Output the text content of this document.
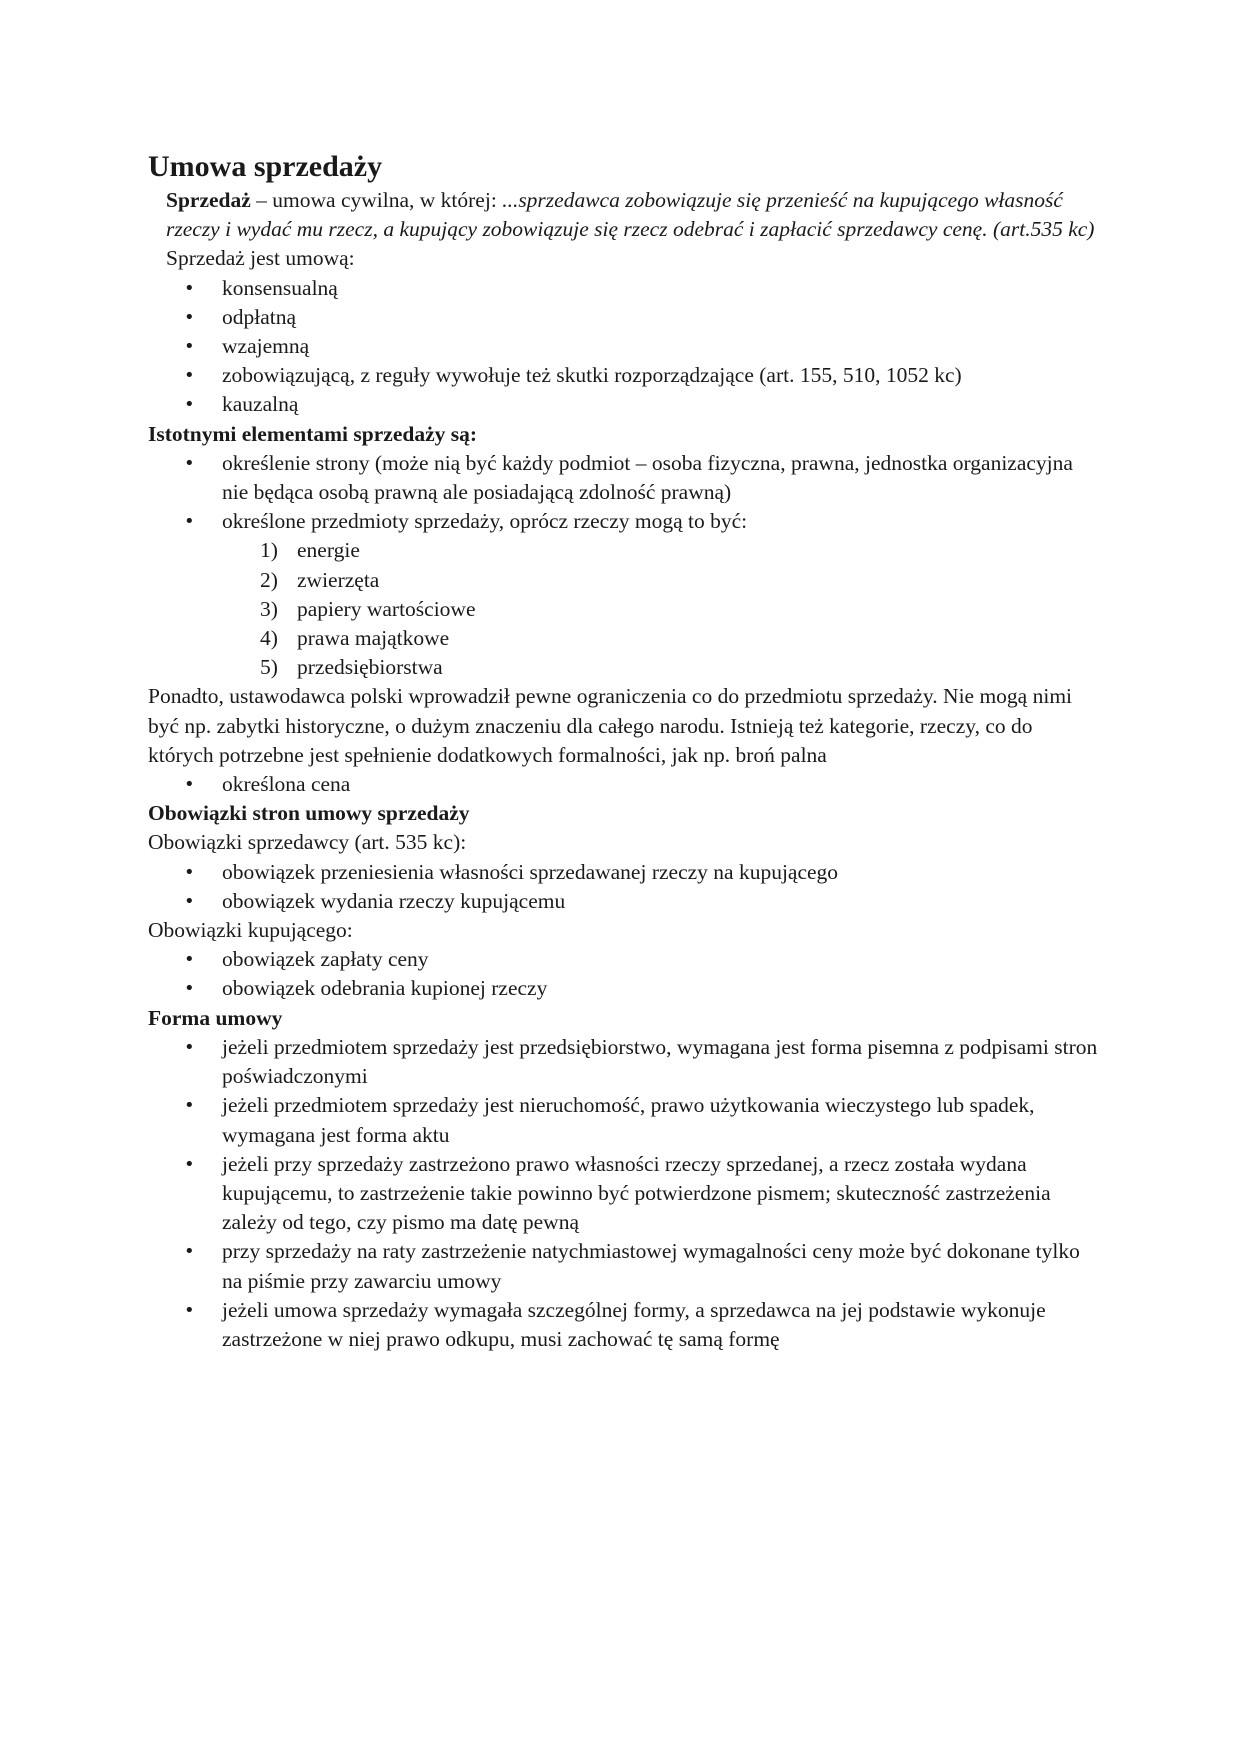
Umowa sprzedaży

Sprzedaż – umowa cywilna, w której: ...sprzedawca zobowiązuje się przenieść na kupującego własność rzeczy i wydać mu rzecz, a kupujący zobowiązuje się rzecz odebrać i zapłacić sprzedawcy cenę. (art.535 kc)

Sprzedaż jest umową:

• konsensualną
• odpłatną
• wzajemną
• zobowiązującą, z reguły wywołuje też skutki rozporządzające (art. 155, 510, 1052 kc)
• kauzalną

Istotnymi elementami sprzedaży są:

• określenie strony (może nią być każdy podmiot – osoba fizyczna, prawna, jednostka organizacyjna nie będąca osobą prawną ale posiadającą zdolność prawną)
• określone przedmioty sprzedaży, oprócz rzeczy mogą to być:
1) energie
2) zwierzęta
3) papiery wartościowe
4) prawa majątkowe
5) przedsiębiorstwa

Ponadto, ustawodawca polski wprowadził pewne ograniczenia co do przedmiotu sprzedaży. Nie mogą nimi być np. zabytki historyczne, o dużym znaczeniu dla całego narodu. Istnieją też kategorie, rzeczy, co do których potrzebne jest spełnienie dodatkowych formalności, jak np. broń palna

• określona cena

Obowiązki stron umowy sprzedaży

Obowiązki sprzedawcy (art. 535 kc):

• obowiązek przeniesienia własności sprzedawanej rzeczy na kupującego
• obowiązek wydania rzeczy kupującemu

Obowiązki kupującego:

• obowiązek zapłaty ceny
• obowiązek odebrania kupionej rzeczy

Forma umowy

• jeżeli przedmiotem sprzedaży jest przedsiębiorstwo, wymagana jest forma pisemna z podpisami stron poświadczonymi
• jeżeli przedmiotem sprzedaży jest nieruchomość, prawo użytkowania wieczystego lub spadek, wymagana jest forma aktu
• jeżeli przy sprzedaży zastrzeżono prawo własności rzeczy sprzedanej, a rzecz została wydana kupującemu, to zastrzeżenie takie powinno być potwierdzone pismem; skuteczność zastrzeżenia zależy od tego, czy pismo ma datę pewną
• przy sprzedaży na raty zastrzeżenie natychmiastowej wymagalności ceny może być dokonane tylko na piśmie przy zawarciu umowy
• jeżeli umowa sprzedaży wymagała szczególnej formy, a sprzedawca na jej podstawie wykonuje zastrzeżone w niej prawo odkupu, musi zachować tę samą formę
